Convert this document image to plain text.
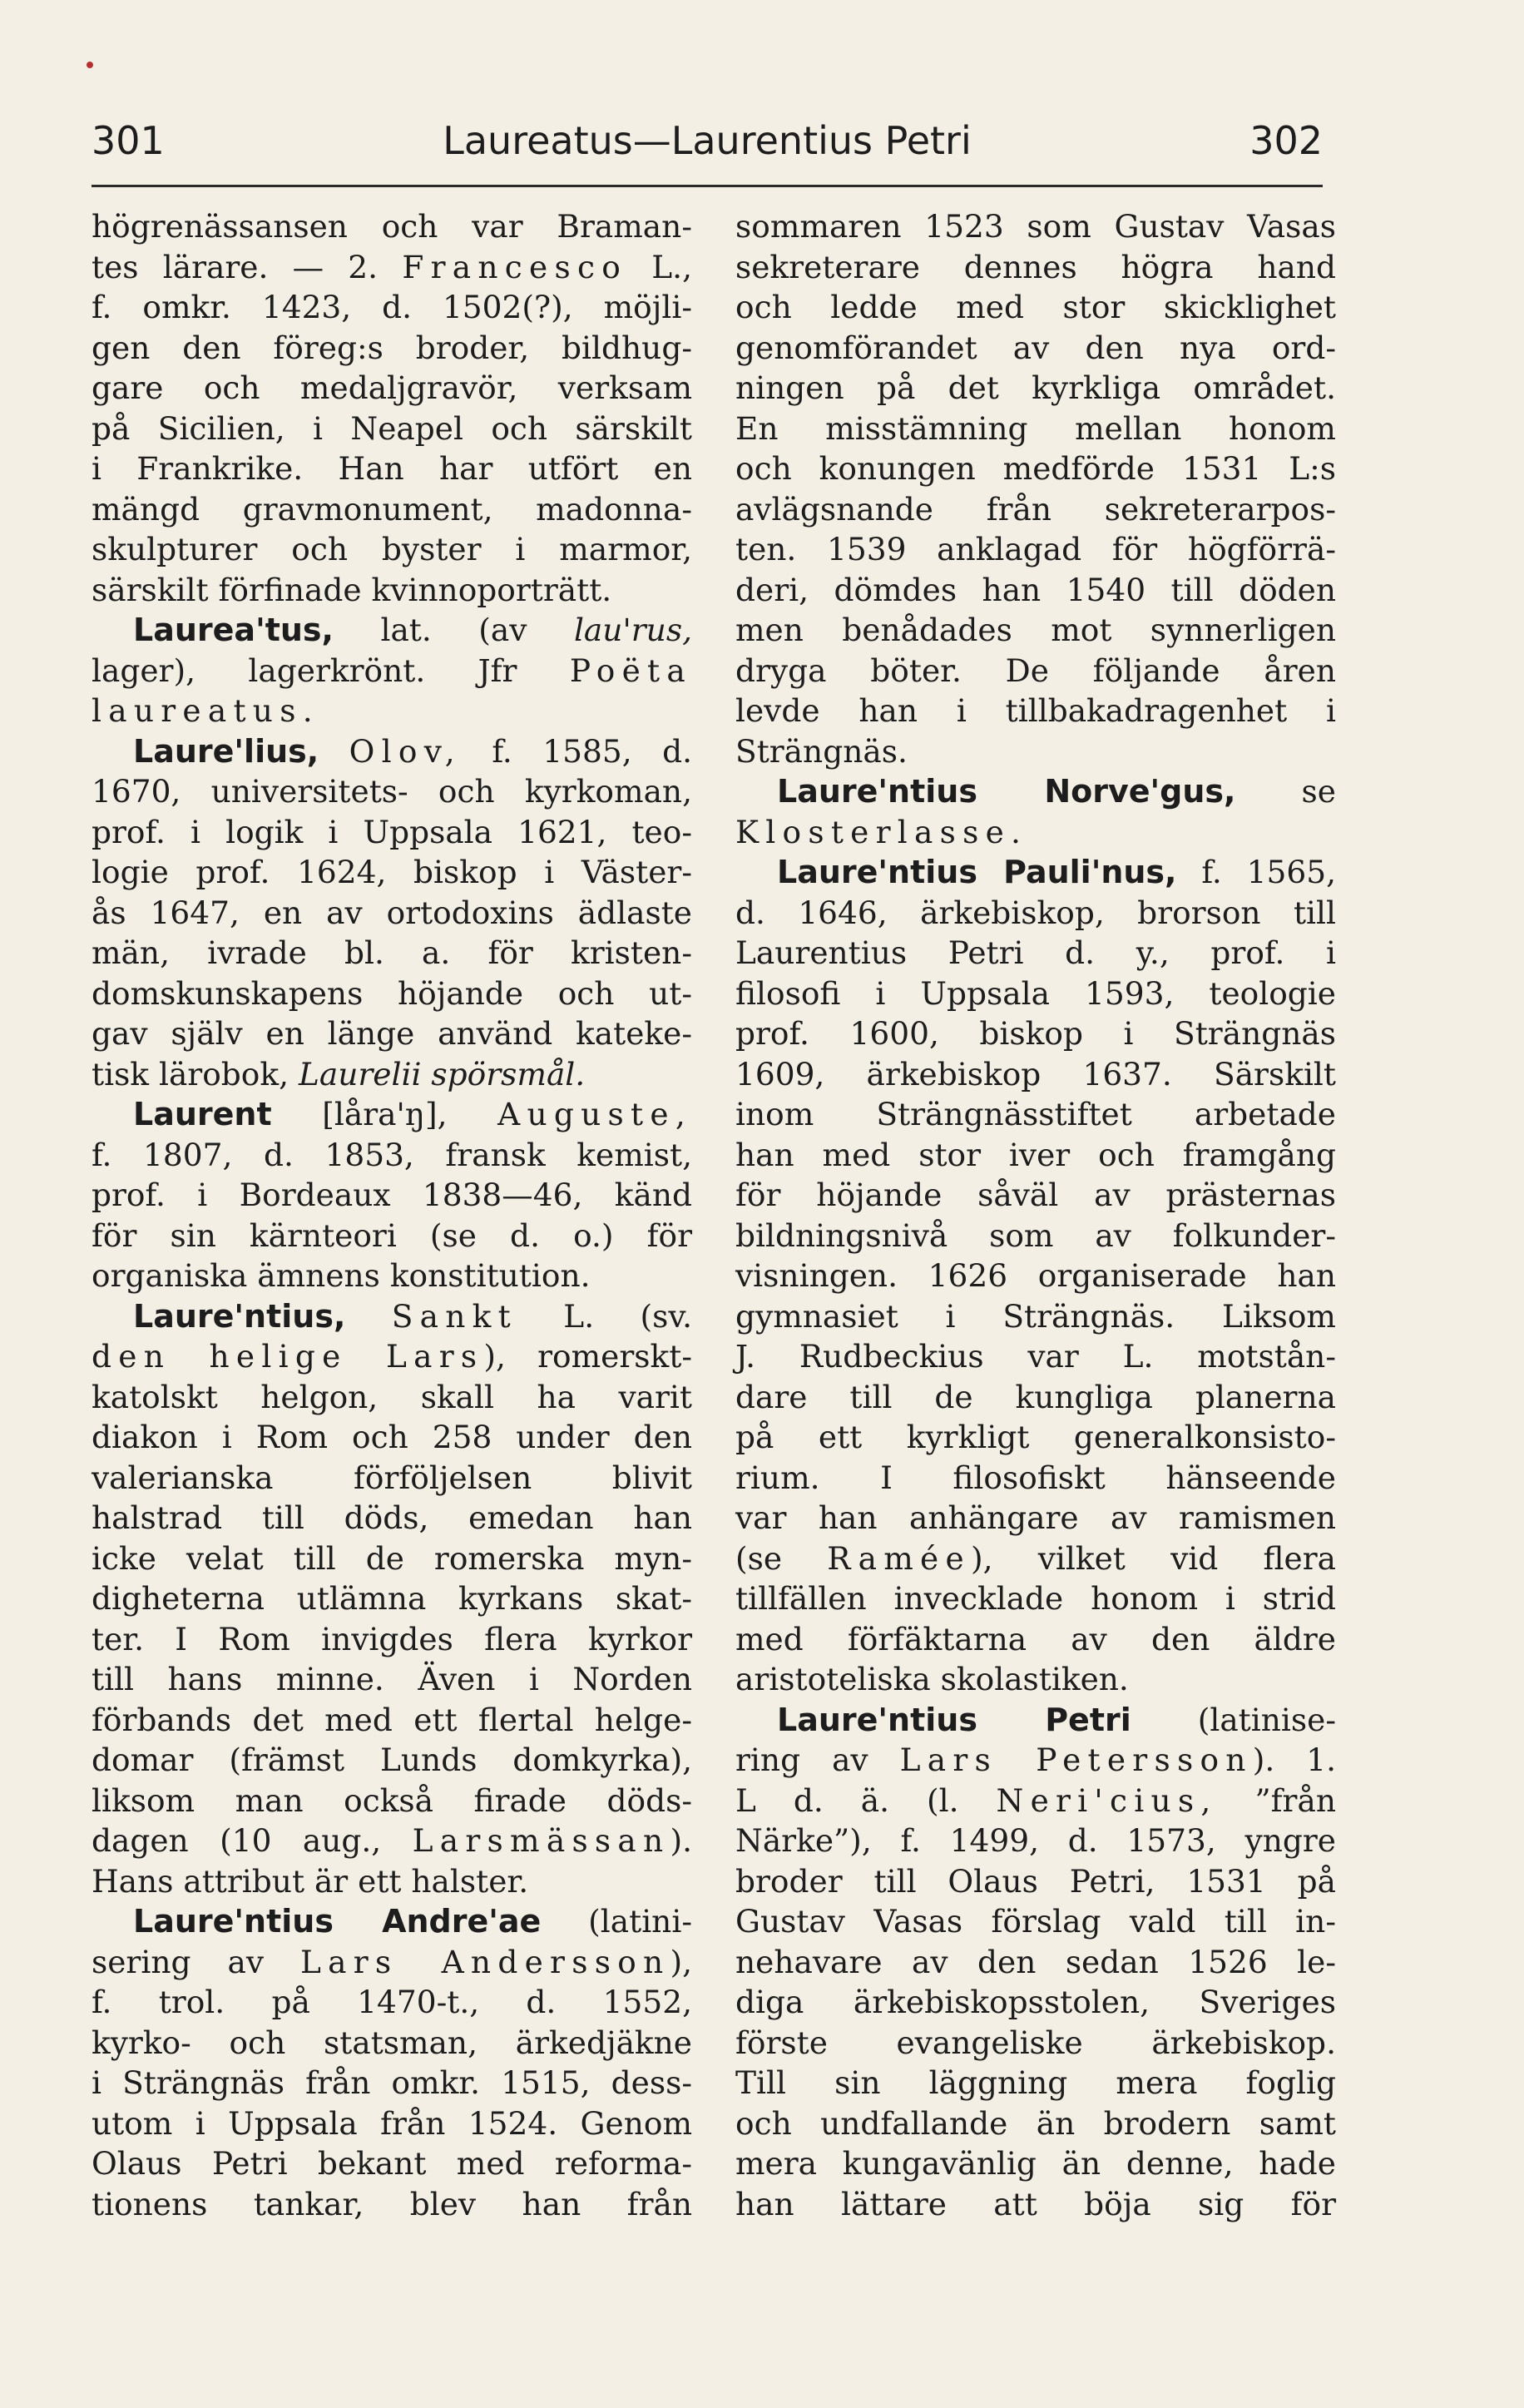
301	Laureatus—Laurentius Petri	302
högrenässansen och var Braman-
tes lärare. — 2. Francesco L.,
f. omkr. 1423, d. 1502(?), möjli-
gen den föreg:s broder, bildhug-
gare och medaljgravör, verksam
på Sicilien, i Neapel och särskilt
i Frankrike. Han har utfört en
mängd gravmonument, madonna-
skulpturer och byster i marmor,
särskilt förfinade kvinnoporträtt.
Laurea'tus, lat. (av lau'rus,
lager), lagerkrönt. Jfr Poëta
laureatus.
Laure'lius, Olov, f. 1585, d.
1670, universitets- och kyrkoman,
prof. i logik i Uppsala 1621, teo-
logie prof. 1624, biskop i Väster-
ås 1647, en av ortodoxins ädlaste
män, ivrade bl. a. för kristen-
domskunskapens höjande och ut-
gav själv en länge använd kateke-
tisk lärobok, Laurelii spörsmål.
Laurent [låra'ŋ], Auguste,
f. 1807, d. 1853, fransk kemist,
prof. i Bordeaux 1838—46, känd
för sin kärnteori (se d. o.) för
organiska ämnens konstitution.
Laure'ntius, Sankt L. (sv.
den helige Lars), romerskt-
katolskt helgon, skall ha varit
diakon i Rom och 258 under den
valerianska förföljelsen blivit
halstrad till döds, emedan han
icke velat till de romerska myn-
digheterna utlämna kyrkans skat-
ter. I Rom invigdes flera kyrkor
till hans minne. Även i Norden
förbands det med ett flertal helge-
domar (främst Lunds domkyrka),
liksom man också firade döds-
dagen (10 aug., Larsmässan).
Hans attribut är ett halster.
Laure'ntius Andre'ae (latini-
sering av Lars Andersson),
f. trol. på 1470-t., d. 1552,
kyrko- och statsman, ärkedjäkne
i Strängnäs från omkr. 1515, dess-
utom i Uppsala från 1524. Genom
Olaus Petri bekant med reforma-
tionens tankar, blev han från
sommaren 1523 som Gustav Vasas
sekreterare dennes högra hand
och ledde med stor skicklighet
genomförandet av den nya ord-
ningen på det kyrkliga området.
En misstämning mellan honom
och konungen medförde 1531 L:s
avlägsnande från sekreterarpos-
ten. 1539 anklagad för högförrä-
deri, dömdes han 1540 till döden
men benådades mot synnerligen
dryga böter. De följande åren
levde han i tillbakadragenhet i
Strängnäs.
Laure'ntius Norve'gus, se
Klosterlasse.
Laure'ntius Pauli'nus, f. 1565,
d. 1646, ärkebiskop, brorson till
Laurentius Petri d. y., prof. i
filosofi i Uppsala 1593, teologie
prof. 1600, biskop i Strängnäs
1609, ärkebiskop 1637. Särskilt
inom Strängnässtiftet arbetade
han med stor iver och framgång
för höjande såväl av prästernas
bildningsnivå som av folkunder-
visningen. 1626 organiserade han
gymnasiet i Strängnäs. Liksom
J. Rudbeckius var L. motstån-
dare till de kungliga planerna
på ett kyrkligt generalkonsisto-
rium. I filosofiskt hänseende
var han anhängare av ramismen
(se Ramée), vilket vid flera
tillfällen invecklade honom i strid
med förfäktarna av den äldre
aristoteliska skolastiken.
Laure'ntius Petri (latinise-
ring av Lars Petersson). 1.
L d. ä. (l. Neri'cius, ”från
Närke”), f. 1499, d. 1573, yngre
broder till Olaus Petri, 1531 på
Gustav Vasas förslag vald till in-
nehavare av den sedan 1526 le-
diga ärkebiskopsstolen, Sveriges
förste evangeliske ärkebiskop.
Till sin läggning mera foglig
och undfallande än brodern samt
mera kungavänlig än denne, hade
han lättare att böja sig för
